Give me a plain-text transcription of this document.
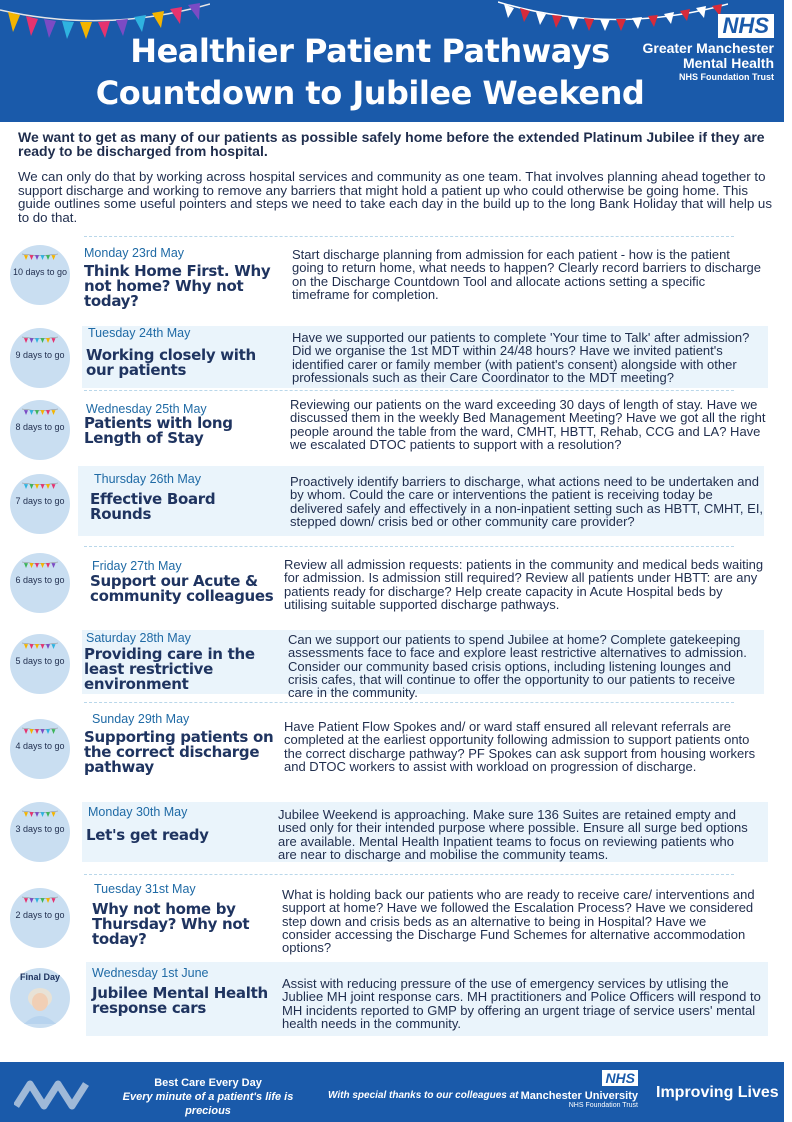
Healthier Patient Pathways
Countdown to Jubilee Weekend
NHS
Greater Manchester
Mental Health
NHS Foundation Trust
We want to get as many of our patients as possible safely home before the extended Platinum Jubilee if they are ready to be discharged from hospital.
We can only do that by working across hospital services and community as one team. That involves planning ahead together to support discharge and working to remove any barriers that might hold a patient up who could otherwise be going home. This guide outlines some useful pointers and steps we need to take each day in the build up to the long Bank Holiday that will help us to do that.
10 days to go
Monday 23rd May
Think Home First. Why not home? Why not today?
Start discharge planning from admission for each patient - how is the patient going to return home, what needs to happen? Clearly record barriers to discharge on the Discharge Countdown Tool and allocate actions setting a specific timeframe for completion.
9 days to go
Tuesday 24th May
Working closely with our patients
Have we supported our patients to complete 'Your time to Talk' after admission? Did we organise the 1st MDT within 24/48 hours? Have we invited patient's identified carer or family member (with patient's consent) alongside with other professionals such as their Care Coordinator to the MDT meeting?
8 days to go
Wednesday 25th May
Patients with long Length of Stay
Reviewing our patients on the ward exceeding 30 days of length of stay. Have we discussed them in the weekly Bed Management Meeting? Have we got all the right people around the table from the ward, CMHT, HBTT, Rehab, CCG and LA? Have we escalated DTOC patients to support with a resolution?
7 days to go
Thursday 26th May
Effective Board Rounds
Proactively identify barriers to discharge, what actions need to be undertaken and by whom. Could the care or interventions the patient is receiving today be delivered safely and effectively in a non-inpatient setting such as HBTT, CMHT, EI, stepped down/ crisis bed or other community care provider?
6 days to go
Friday 27th May
Support our Acute & community colleagues
Review all admission requests: patients in the community and medical beds waiting for admission. Is admission still required? Review all patients under HBTT: are any patients ready for discharge? Help create capacity in Acute Hospital beds by utilising suitable supported discharge pathways.
5 days to go
Saturday 28th May
Providing care in the least restrictive environment
Can we support our patients to spend Jubilee at home? Complete gatekeeping assessments face to face and explore least restrictive alternatives to admission. Consider our community based crisis options, including listening lounges and crisis cafes, that will continue to offer the opportunity to our patients to receive care in the community.
4 days to go
Sunday 29th May
Supporting patients on the correct discharge pathway
Have Patient Flow Spokes and/ or ward staff ensured all relevant referrals are completed at the earliest opportunity following admission to support patients onto the correct discharge pathway? PF Spokes can ask support from housing workers and DTOC workers to assist with workload on progression of discharge.
3 days to go
Monday 30th May
Let's get ready
Jubilee Weekend is approaching. Make sure 136 Suites are retained empty and used only for their intended purpose where possible. Ensure all surge bed options are available. Mental Health Inpatient teams to focus on reviewing patients who are near to discharge and mobilise the community teams.
2 days to go
Tuesday 31st May
Why not home by Thursday? Why not today?
What is holding back our patients who are ready to receive care/ interventions and support at home? Have we followed the Escalation Process? Have we considered step down and crisis beds as an alternative to being in Hospital? Have we consider accessing the Discharge Fund Schemes for alternative accommodation options?
Final Day	Wednesday 1st June
Jubilee Mental Health response cars
Assist with reducing pressure of the use of emergency services by utlising the Jubliee MH joint response cars. MH practitioners and Police Officers will respond to MH incidents reported to GMP by offering an urgent triage of service users' mental health needs in the community.
Best Care Every Day
Every minute of a patient's life is precious
With special thanks to our colleagues at
NHS
Manchester University
NHS Foundation Trust
Improving Lives
